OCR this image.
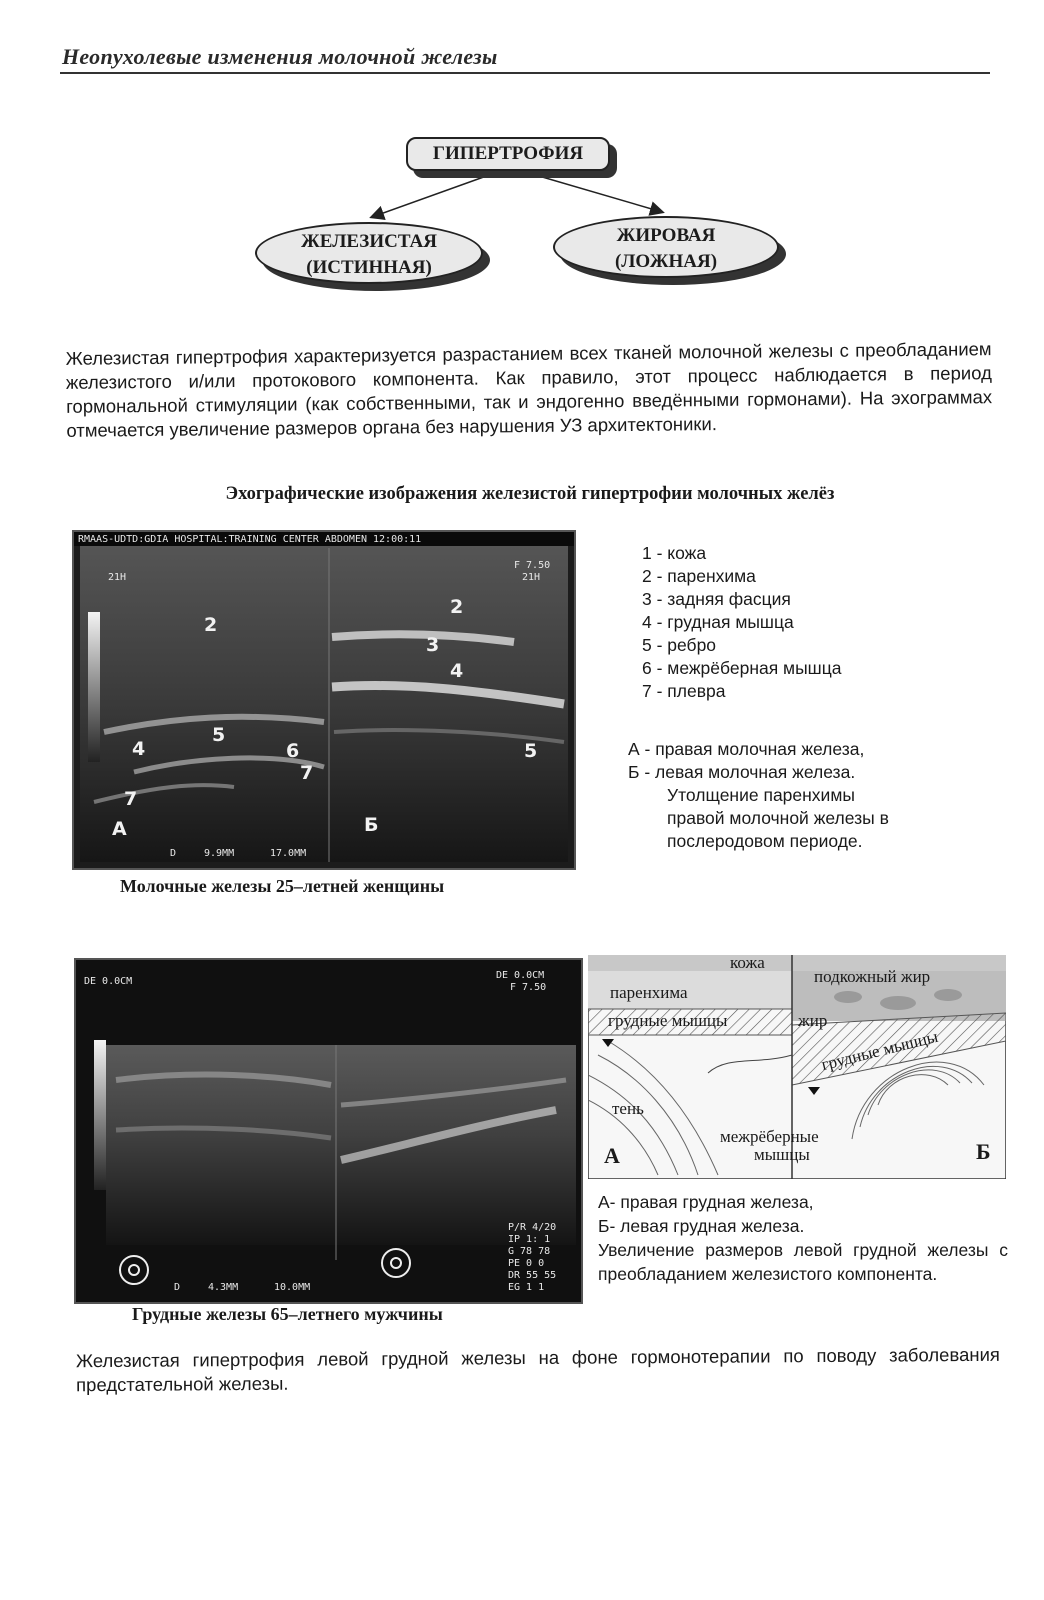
Неопухолевые изменения молочной железы
ГИПЕРТРОФИЯ
ЖЕЛЕЗИСТАЯ
(ИСТИННАЯ)
ЖИРОВАЯ
(ЛОЖНАЯ)
Железистая гипертрофия характеризуется разрастанием всех тканей молочной железы с преобладанием железистого и/или протокового компонента. Как правило, этот процесс наблюдается в период гормональной стимуляции (как собственными, так и эндогенно введёнными гормонами). На эхограммах отмечается увеличение размеров органа без нарушения УЗ архитектоники.
Эхографические изображения железистой гипертрофии молочных желёз
RMAAS-UDTD:GDIA HOSPITAL:TRAINING CENTER ABDOMEN 12:00:11
21H
F 7.50
21H
2
2
3
4
4
5
5
6
7
7
А	Б
D	9.9MM	17.0MM
Молочные железы 25–летней женщины
1 - кожа
2 - паренхима
3 - задняя фасция
4 - грудная мышца
5 - ребро
6 - межрёберная мышца
7 - плевра
А - правая молочная железа,
Б - левая молочная железа.
Утолщение паренхимы
правой молочной железы в
послеродовом периоде.
DE 0.0CM
DE 0.0CM
F 7.50
P/R 4/20
IP 1: 1
G 78 78
PE 0 0
DR 55 55
EG 1 1
D	4.3MM	10.0MM
Грудные железы 65–летнего мужчины
кожа
подкожный жир
паренхима
грудные мышцы	жир
грудные мышцы
тень
межрёберные
мышцы
А	Б
А- правая грудная железа,
Б- левая грудная железа.
Увеличение размеров левой грудной железы с преобладанием железистого компонента.
Железистая гипертрофия левой грудной железы на фоне гормонотерапии по поводу заболевания предстательной железы.
